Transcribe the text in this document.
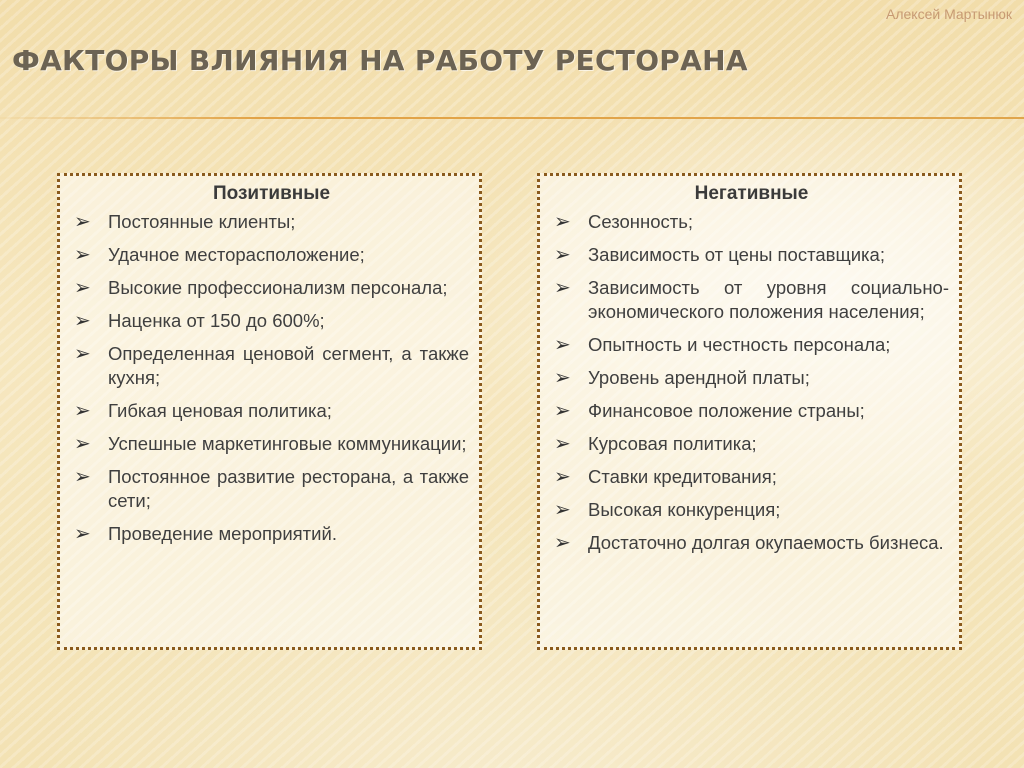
Алексей Мартынюк
ФАКТОРЫ ВЛИЯНИЯ НА РАБОТУ РЕСТОРАНА
Позитивные
➢ Постоянные клиенты;
➢ Удачное месторасположение;
➢ Высокие профессионализм персонала;
➢ Наценка от 150 до 600%;
➢ Определенная ценовой сегмент, а также кухня;
➢ Гибкая ценовая политика;
➢ Успешные маркетинговые коммуникации;
➢ Постоянное развитие ресторана, а также сети;
➢ Проведение мероприятий.
Негативные
➢ Сезонность;
➢ Зависимость от цены поставщика;
➢ Зависимость от уровня социально-экономического положения населения;
➢ Опытность и честность персонала;
➢ Уровень арендной платы;
➢ Финансовое положение страны;
➢ Курсовая политика;
➢ Ставки кредитования;
➢ Высокая конкуренция;
➢ Достаточно долгая окупаемость бизнеса.
